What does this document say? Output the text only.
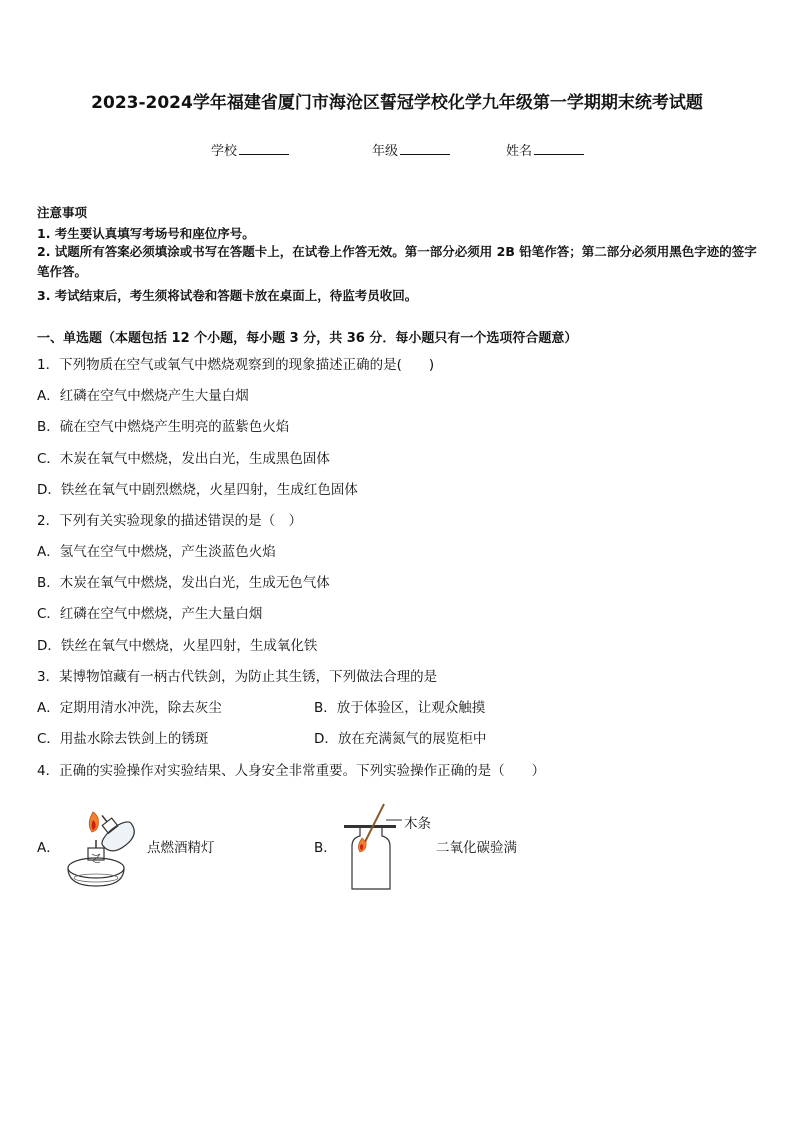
2023-2024学年福建省厦门市海沧区誓冠学校化学九年级第一学期期末统考试题
学校	年级	姓名
注意事项
1. 考生要认真填写考场号和座位序号。
2. 试题所有答案必须填涂或书写在答题卡上，在试卷上作答无效。第一部分必须用 2B 铅笔作答；第二部分必须用黑色字迹的签字笔作答。
3. 考试结束后，考生须将试卷和答题卡放在桌面上，待监考员收回。
一、单选题（本题包括 12 个小题，每小题 3 分，共 36 分．每小题只有一个选项符合题意）
1．下列物质在空气或氧气中燃烧观察到的现象描述正确的是(　　)
A．红磷在空气中燃烧产生大量白烟
B．硫在空气中燃烧产生明亮的蓝紫色火焰
C．木炭在氧气中燃烧，发出白光，生成黑色固体
D．铁丝在氧气中剧烈燃烧，火星四射，生成红色固体
2．下列有关实验现象的描述错误的是（　）
A．氢气在空气中燃烧，产生淡蓝色火焰
B．木炭在氧气中燃烧，发出白光，生成无色气体
C．红磷在空气中燃烧，产生大量白烟
D．铁丝在氧气中燃烧，火星四射，生成氧化铁
3．某博物馆藏有一柄古代铁剑，为防止其生锈，下列做法合理的是
A．定期用清水冲洗，除去灰尘	B．放于体验区，让观众触摸
C．用盐水除去铁剑上的锈斑	D．放在充满氮气的展览柜中
4．正确的实验操作对实验结果、人身安全非常重要。下列实验操作正确的是（　　）
A．	点燃酒精灯	B．
木条
二氧化碳验满
